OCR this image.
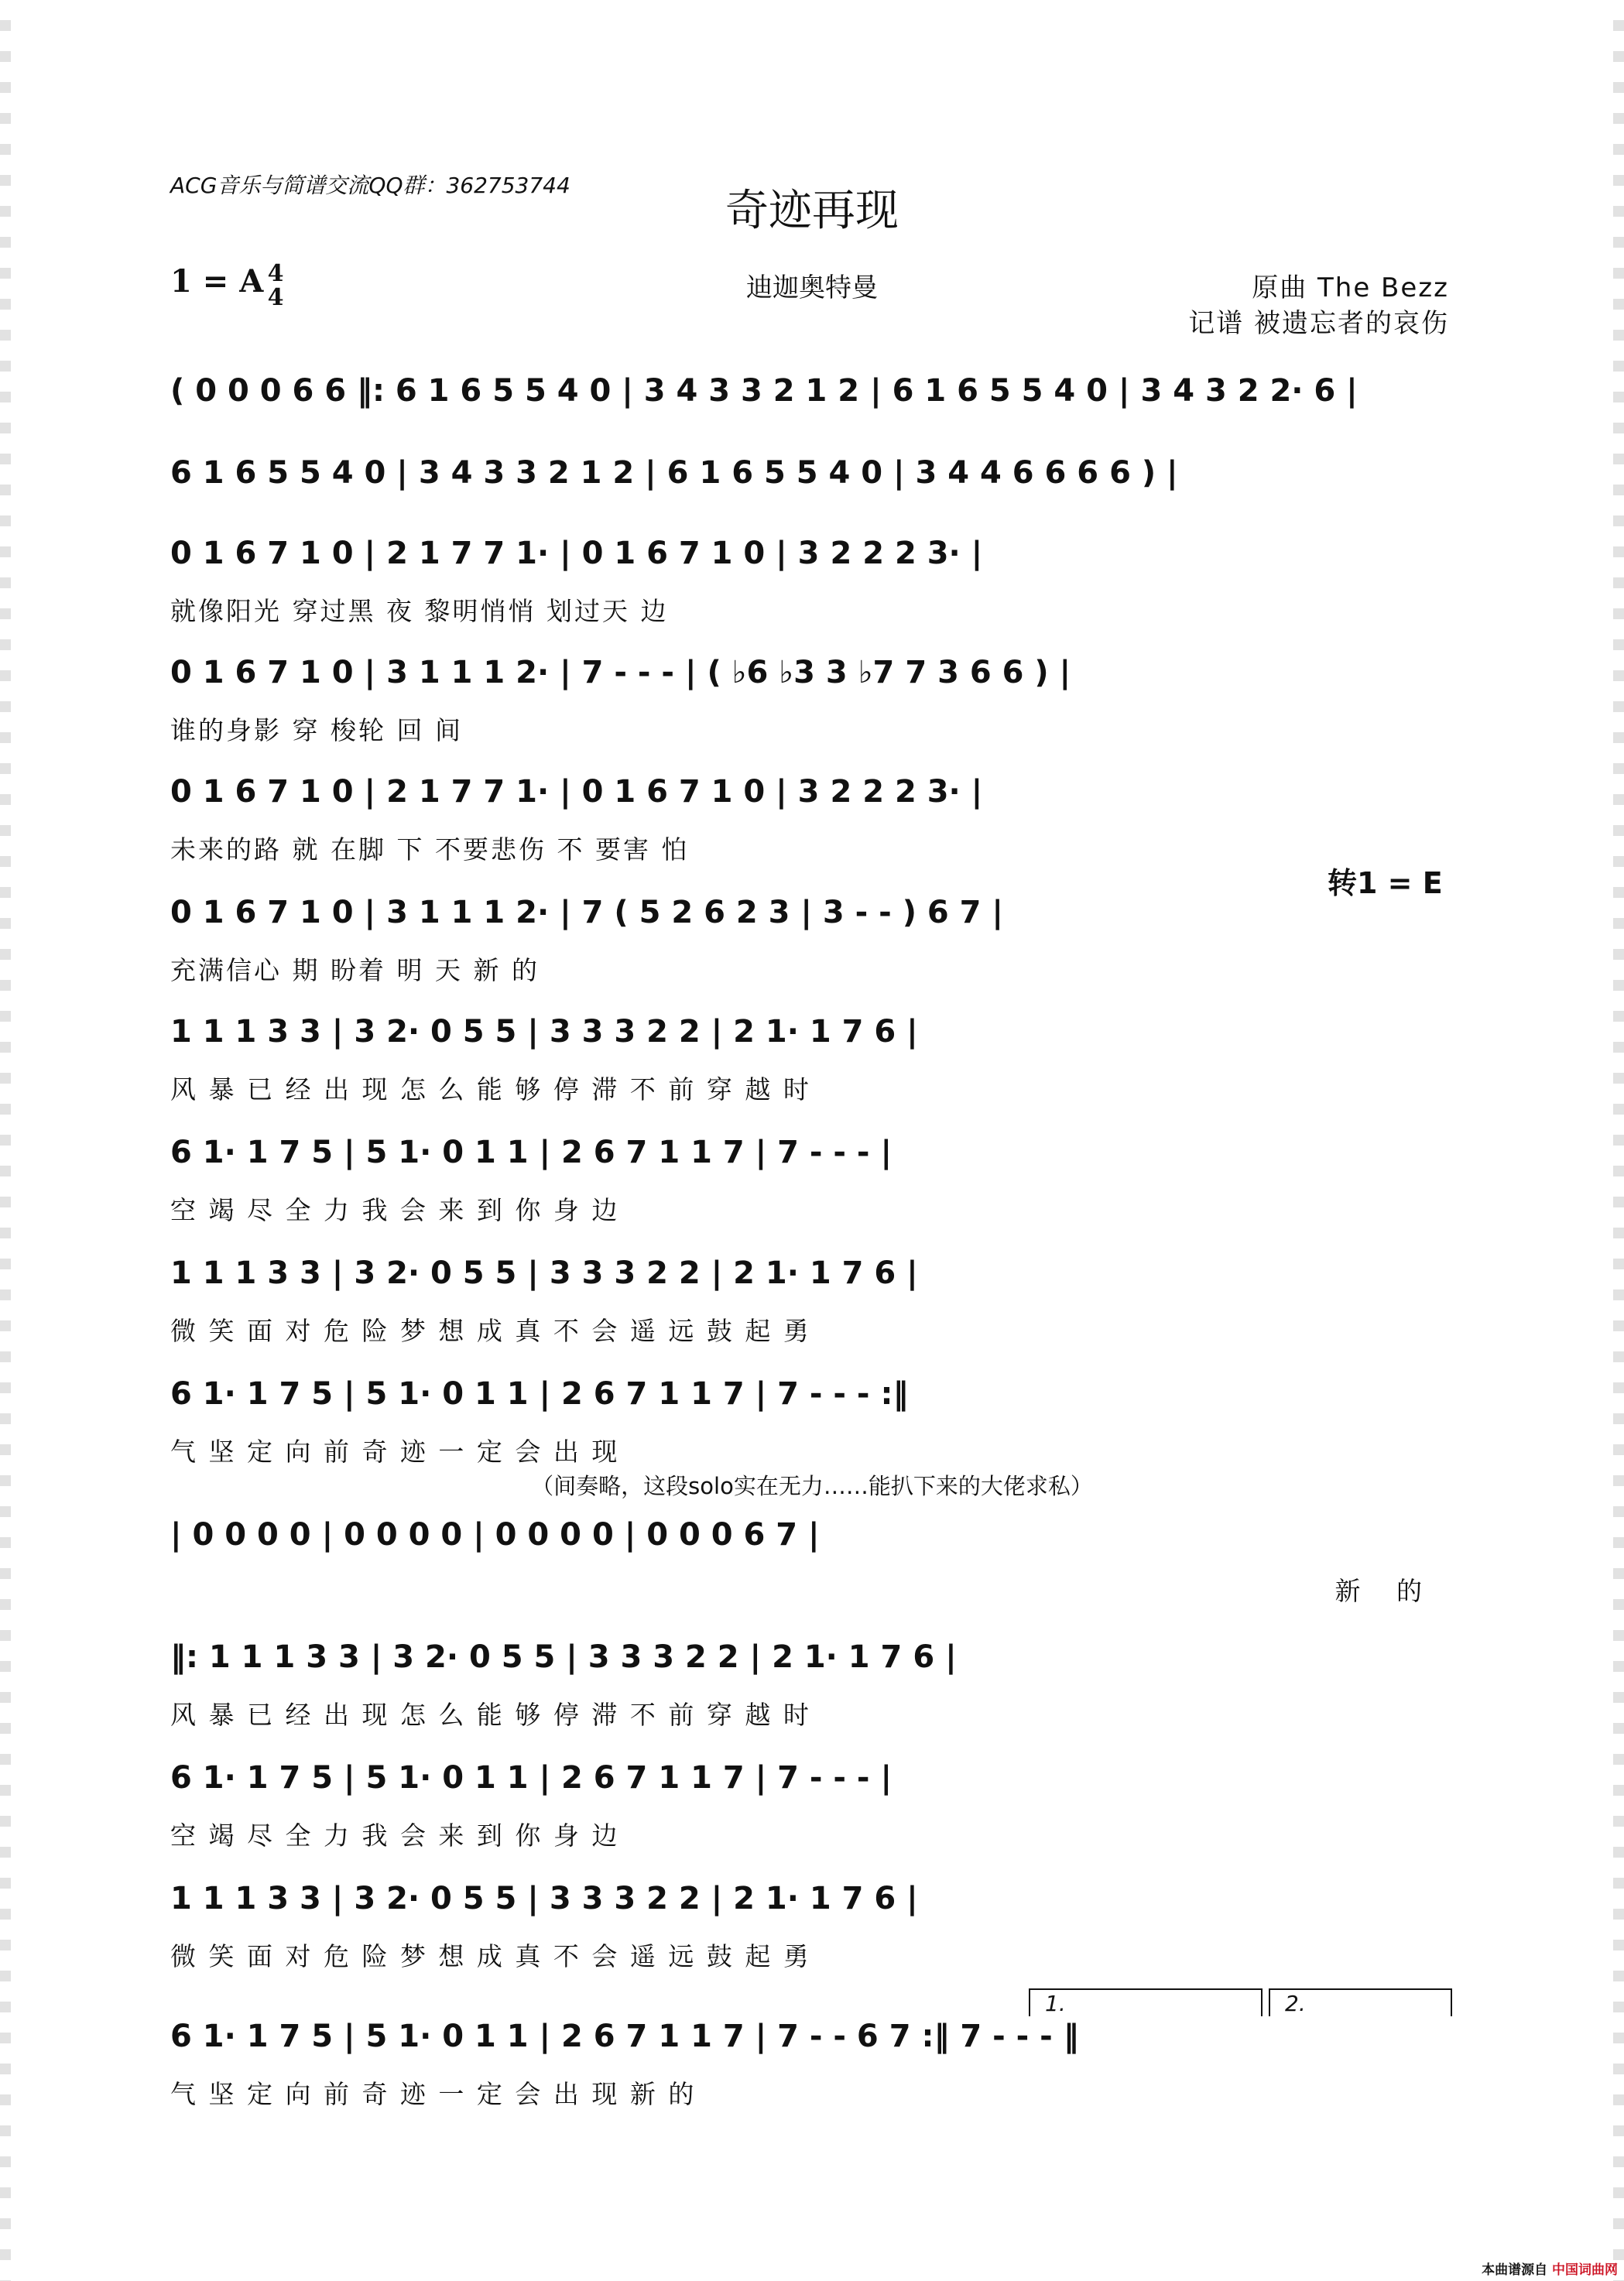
ACG音乐与简谱交流QQ群：362753744
奇迹再现
1 = A 4
4	迪迦奥特曼	原曲 The Bezz
记谱 被遗忘者的哀伤
( 0 0 0 6 6 ‖: 6 1 6 5 5 4 0 | 3 4 3 3 2 1 2 | 6 1 6 5 5 4 0 | 3 4 3 2 2· 6 |
6 1 6 5 5 4 0 | 3 4 3 3 2 1 2 | 6 1 6 5 5 4 0 | 3 4 4 6 6 6 6 ) |
0 1 6 7 1 0 | 2 1 7 7 1· | 0 1 6 7 1 0 | 3 2 2 2 3· |
就像阳光 穿过黑 夜 黎明悄悄 划过天 边
0 1 6 7 1 0 | 3 1 1 1 2· | 7 - - - | ( ♭6 ♭3 3 ♭7 7 3 6 6 ) |
谁的身影 穿 梭轮 回 间
0 1 6 7 1 0 | 2 1 7 7 1· | 0 1 6 7 1 0 | 3 2 2 2 3· |
未来的路 就 在脚 下 不要悲伤 不 要害 怕
转1 = E
0 1 6 7 1 0 | 3 1 1 1 2· | 7 ( 5 2 6 2 3 | 3 - - ) 6 7 |
充满信心 期 盼着 明 天 新 的
1 1 1 3 3 | 3 2· 0 5 5 | 3 3 3 2 2 | 2 1· 1 7 6 |
风 暴 已 经 出 现 怎 么 能 够 停 滞 不 前 穿 越 时
6 1· 1 7 5 | 5 1· 0 1 1 | 2 6 7 1 1 7 | 7 - - - |
空 竭 尽 全 力 我 会 来 到 你 身 边
1 1 1 3 3 | 3 2· 0 5 5 | 3 3 3 2 2 | 2 1· 1 7 6 |
微 笑 面 对 危 险 梦 想 成 真 不 会 遥 远 鼓 起 勇
6 1· 1 7 5 | 5 1· 0 1 1 | 2 6 7 1 1 7 | 7 - - - :‖
气 坚 定 向 前 奇 迹 一 定 会 出 现
（间奏略，这段solo实在无力……能扒下来的大佬求私）
| 0 0 0 0 | 0 0 0 0 | 0 0 0 0 | 0 0 0 6 7 |
新 的
‖: 1 1 1 3 3 | 3 2· 0 5 5 | 3 3 3 2 2 | 2 1· 1 7 6 |
风 暴 已 经 出 现 怎 么 能 够 停 滞 不 前 穿 越 时
6 1· 1 7 5 | 5 1· 0 1 1 | 2 6 7 1 1 7 | 7 - - - |
空 竭 尽 全 力 我 会 来 到 你 身 边
1 1 1 3 3 | 3 2· 0 5 5 | 3 3 3 2 2 | 2 1· 1 7 6 |
微 笑 面 对 危 险 梦 想 成 真 不 会 遥 远 鼓 起 勇
6 1· 1 7 5 | 5 1· 0 1 1 | 2 6 7 1 1 7 | 7 - - 6 7 :‖ 7 - - - ‖
气 坚 定 向 前 奇 迹 一 定 会 出 现 新 的
1.	2.
本曲谱源自 中国词曲网
